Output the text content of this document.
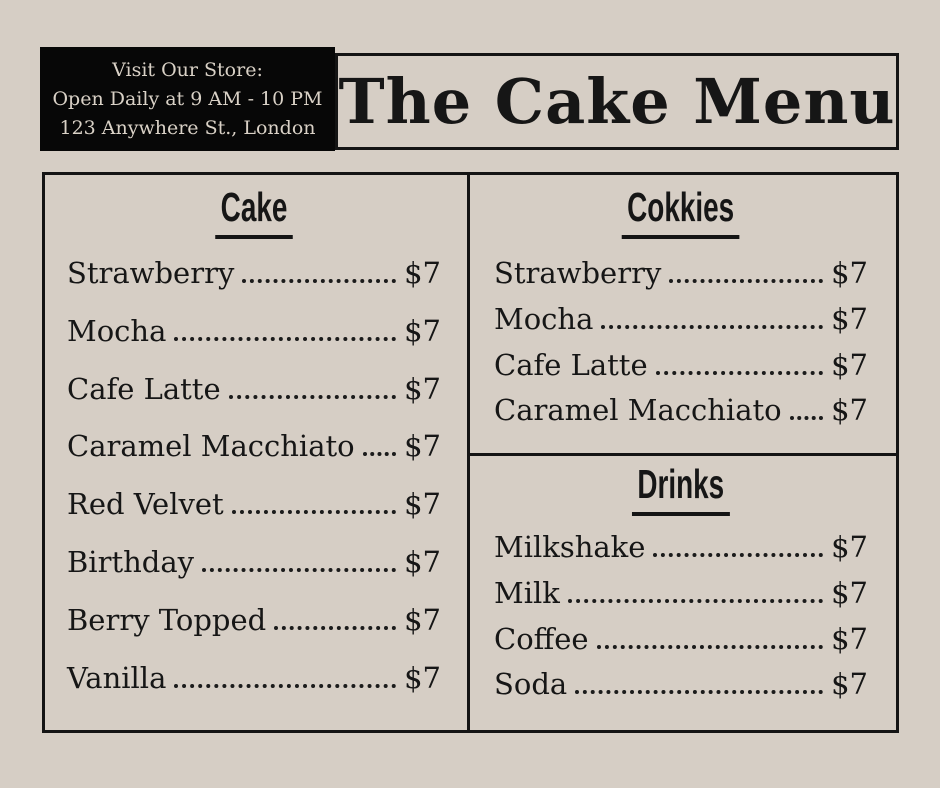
Visit Our Store:
Open Daily at 9 AM - 10 PM
123 Anywhere St., London The Cake Menu
Cake
Strawberry	$7
Mocha	$7
Cafe Latte	$7
Caramel Macchiato $7
Red Velvet	$7
Birthday	$7
Berry Topped	$7
Vanilla	$7
Cokkies
Strawberry	$7
Mocha	$7
Cafe Latte	$7
Caramel Macchiato $7
Drinks
Milkshake	$7
Milk	$7
Coffee	$7
Soda	$7
